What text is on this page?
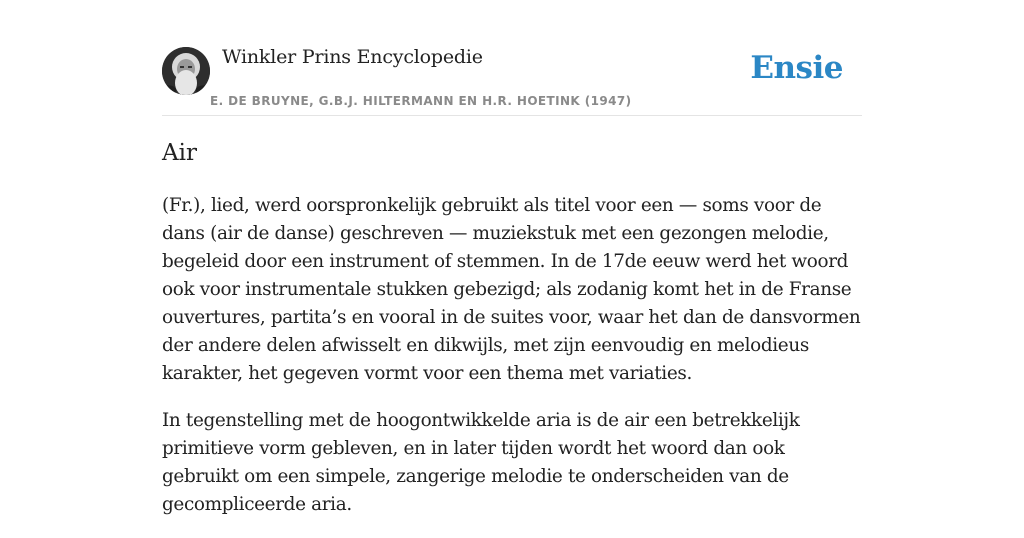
Winkler Prins Encyclopedie
E. DE BRUYNE, G.B.J. HILTERMANN EN H.R. HOETINK (1947)
Ensie
Air

(Fr.), lied, werd oorspronkelijk gebruikt als titel voor een — soms voor de dans (air de danse) geschreven — muziekstuk met een gezongen melodie, begeleid door een instrument of stemmen. In de 17de eeuw werd het woord ook voor instrumentale stukken gebezigd; als zodanig komt het in de Franse ouvertures, partita’s en vooral in de suites voor, waar het dan de dansvormen der andere delen afwisselt en dikwijls, met zijn eenvoudig en melodieus karakter, het gegeven vormt voor een thema met variaties.

In tegenstelling met de hoogontwikkelde aria is de air een betrekkelijk primitieve vorm gebleven, en in later tijden wordt het woord dan ook gebruikt om een simpele, zangerige melodie te onderscheiden van de gecompliceerde aria.
